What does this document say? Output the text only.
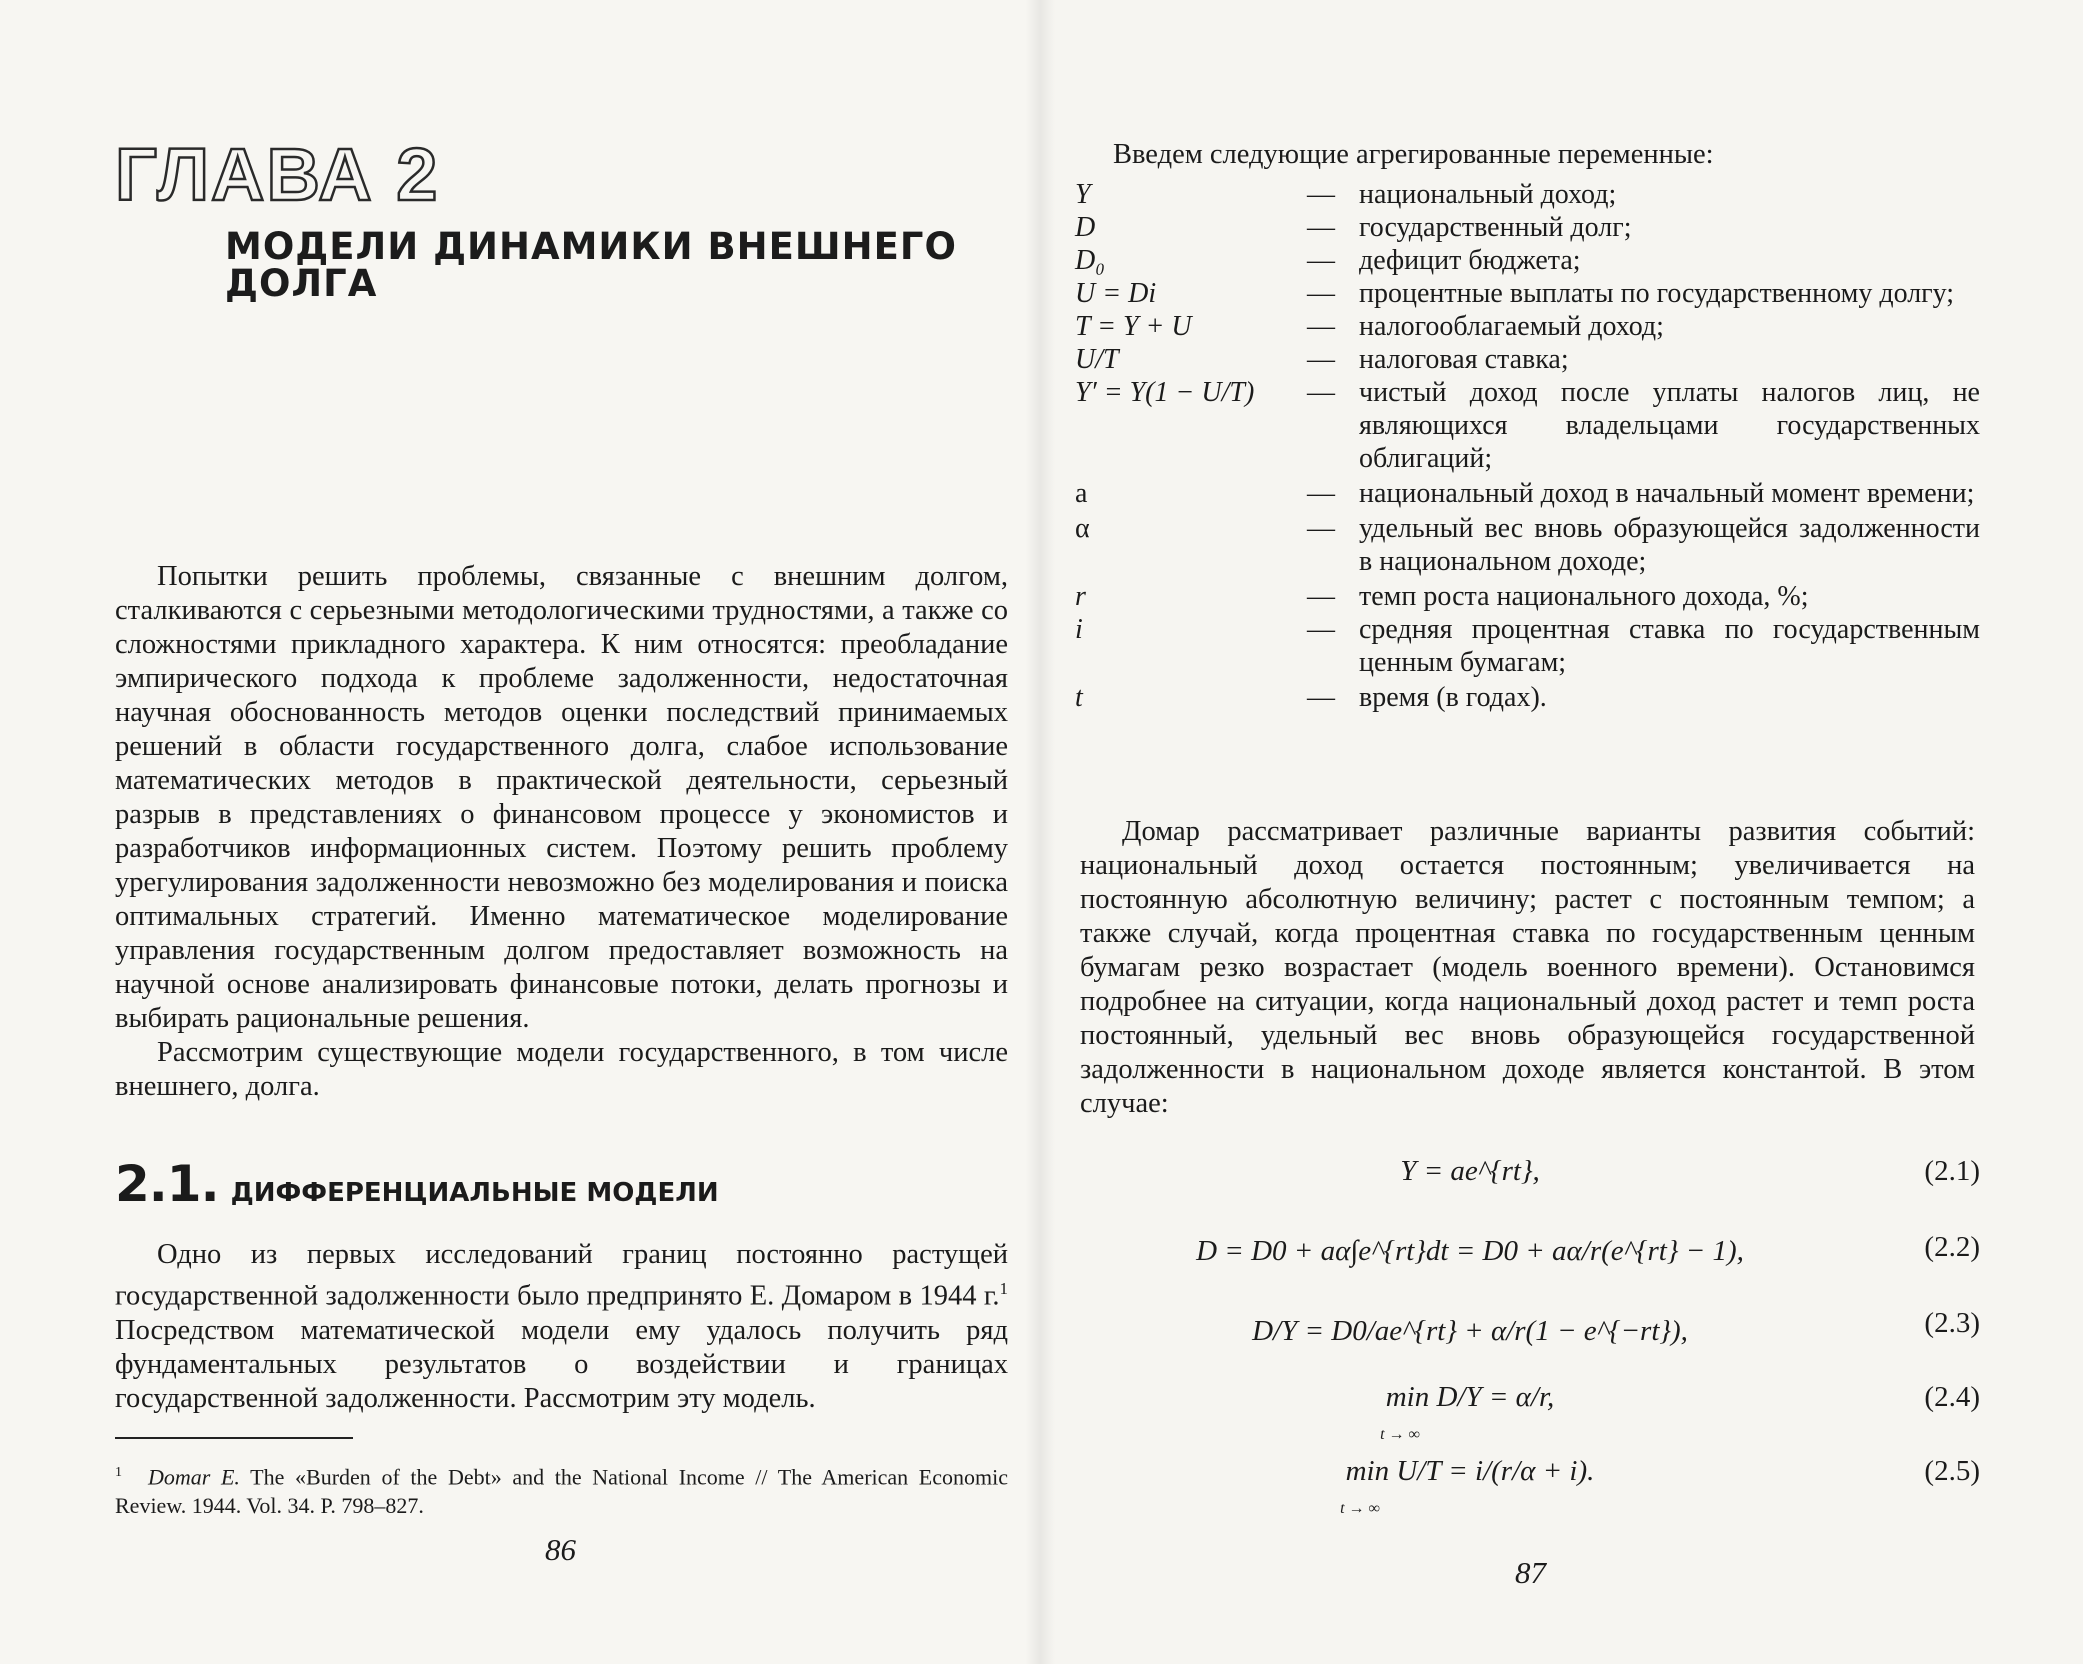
ГЛАВА 2
МОДЕЛИ ДИНАМИКИ ВНЕШНЕГО ДОЛГА

Попытки решить проблемы, связанные с внешним долгом, сталкиваются с серьезными методологическими трудностями, а также со сложностями прикладного характера. К ним относятся: преобладание эмпирического подхода к проблеме задолженности, недостаточная научная обоснованность методов оценки последствий принимаемых решений в области государственного долга, слабое использование математических методов в практической деятельности, серьезный разрыв в представлениях о финансовом процессе у экономистов и разработчиков информационных систем. Поэтому решить проблему урегулирования задолженности невозможно без моделирования и поиска оптимальных стратегий. Именно математическое моделирование управления государственным долгом предоставляет возможность на научной основе анализировать финансовые потоки, делать прогнозы и выбирать рациональные решения.

Рассмотрим существующие модели государственного, в том числе внешнего, долга.

2.1. ДИФФЕРЕНЦИАЛЬНЫЕ МОДЕЛИ

Одно из первых исследований границ постоянно растущей государственной задолженности было предпринято Е. Домаром в 1944 г.$^1$ Посредством математической модели ему удалось получить ряд фундаментальных результатов о воздействии и границах государственной задолженности. Рассмотрим эту модель.

$^1$ Domar E. The «Burden of the Debt» and the National Income // The American Economic Review. 1944. Vol. 34. P. 798–827.
86
Введем следующие агрегированные переменные:
Y	— национальный доход;
D	— государственный долг;
D₀	— дефицит бюджета;
U = Di	— процентные выплаты по государственному долгу;
T = Y + U	— налогооблагаемый доход;
U/T	— налоговая ставка;
Y′ = Y(1 − U/T)	— чистый доход после уплаты налогов лиц, не являющихся владельцами государственных облигаций;
a	— национальный доход в начальный момент времени;
α	— удельный вес вновь образующейся задолженности в национальном доходе;
r	— темп роста национального дохода, %;
i	— средняя процентная ставка по государственным ценным бумагам;
t	— время (в годах).

Домар рассматривает различные варианты развития событий: национальный доход остается постоянным; увеличивается на постоянную абсолютную величину; растет с постоянным темпом; а также случай, когда процентная ставка по государственным ценным бумагам резко возрастает (модель военного времени). Остановимся подробнее на ситуации, когда национальный доход растет и темп роста постоянный, удельный вес вновь образующейся государственной задолженности в национальном доходе является константой. В этом случае:

Y = ae^{rt},	(2.1)
D = D0 + aα∫e^{rt}dt = D0 + aα/r(e^{rt} − 1),	(2.2)
D/Y = D0/ae^{rt} + α/r(1 − e^{−rt}),	(2.3)
min D/Y = α/r,
t → ∞
(2.4)
min U/T = i/(r/α + i).
t → ∞
(2.5)
87
